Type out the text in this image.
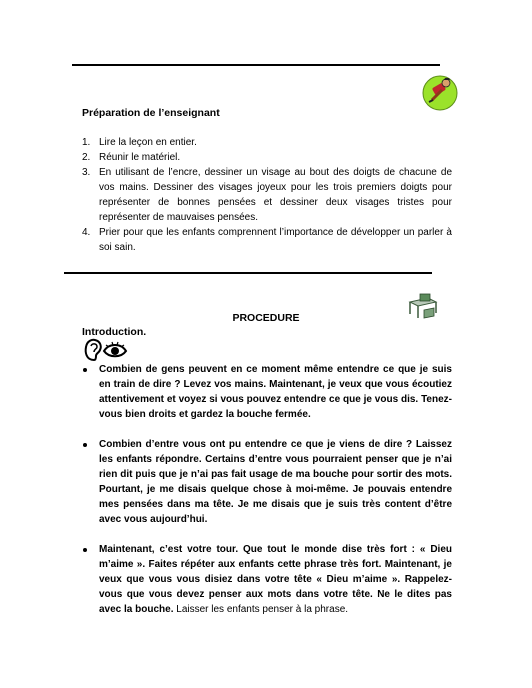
Préparation de l’enseignant
1. Lire la leçon en entier.
2. Réunir le matériel.
3. En utilisant de l’encre, dessiner un visage au bout des doigts de chacune de vos mains. Dessiner des visages joyeux pour les trois premiers doigts pour représenter de bonnes pensées et dessiner deux visages tristes pour représenter de mauvaises pensées.
4. Prier pour que les enfants comprennent l’importance de développer un parler à soi sain.
PROCEDURE
Introduction.
Combien de gens peuvent en ce moment même entendre ce que je suis en train de dire ? Levez vos mains. Maintenant, je veux que vous écoutiez attentivement et voyez si vous pouvez entendre ce que je vous dis. Tenez-vous bien droits et gardez la bouche fermée.
Combien d’entre vous ont pu entendre ce que je viens de dire ? Laissez les enfants répondre. Certains d’entre vous pourraient penser que je n’ai rien dit puis que je n’ai pas fait usage de ma bouche pour sortir des mots. Pourtant, je me disais quelque chose à moi-même. Je pouvais entendre mes pensées dans ma tête. Je me disais que je suis très content d’être avec vous aujourd’hui.
Maintenant, c’est votre tour. Que tout le monde dise très fort : « Dieu m’aime ». Faites répéter aux enfants cette phrase très fort. Maintenant, je veux que vous vous disiez dans votre tête « Dieu m’aime ». Rappelez-vous que vous devez penser aux mots dans votre tête. Ne le dites pas avec la bouche. Laisser les enfants penser à la phrase.
